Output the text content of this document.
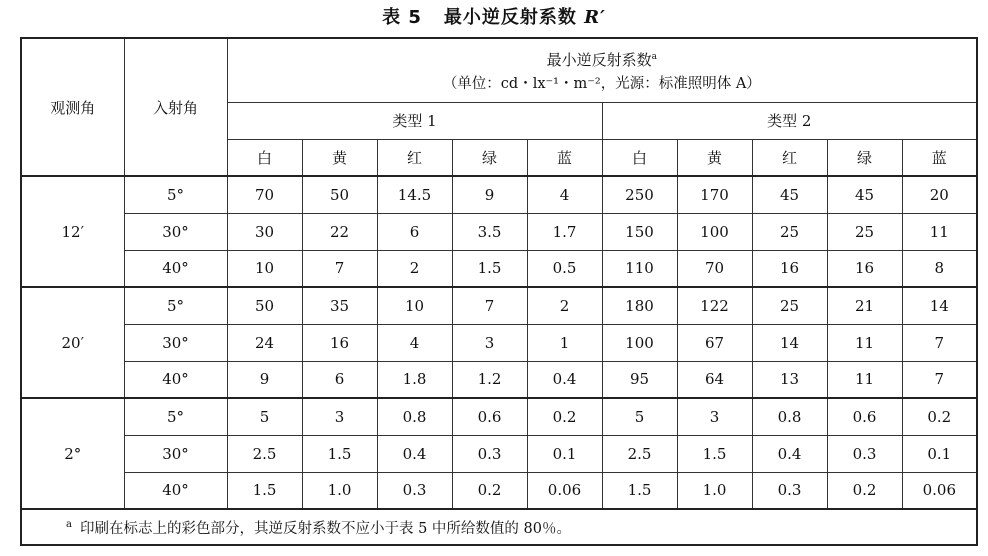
表 5 最小逆反射系数 R′
观测角	入射角	最小逆反射系数$^a$
（单位：cd・lx⁻¹・m⁻²，光源：标准照明体 A）									

		类型 1					类型 2				
		白	黄	红	绿	蓝	白	黄	红	绿	蓝
12′	5°	70	50	14.5	9	4	250	170	45	45	20
	30°	30	22	6	3.5	1.7	150	100	25	25	11
	40°	10	7	2	1.5	0.5	110	70	16	16	8
20′	5°	50	35	10	7	2	180	122	25	21	14
	30°	24	16	4	3	1	100	67	14	11	7
	40°	9	6	1.8	1.2	0.4	95	64	13	11	7
2°	5°	5	3	0.8	0.6	0.2	5	3	0.8	0.6	0.2
	30°	2.5	1.5	0.4	0.3	0.1	2.5	1.5	0.4	0.3	0.1
	40°	1.5	1.0	0.3	0.2	0.06	1.5	1.0	0.3	0.2	0.06
$^a$ 印刷在标志上的彩色部分，其逆反射系数不应小于表 5 中所给数值的 80％。											
